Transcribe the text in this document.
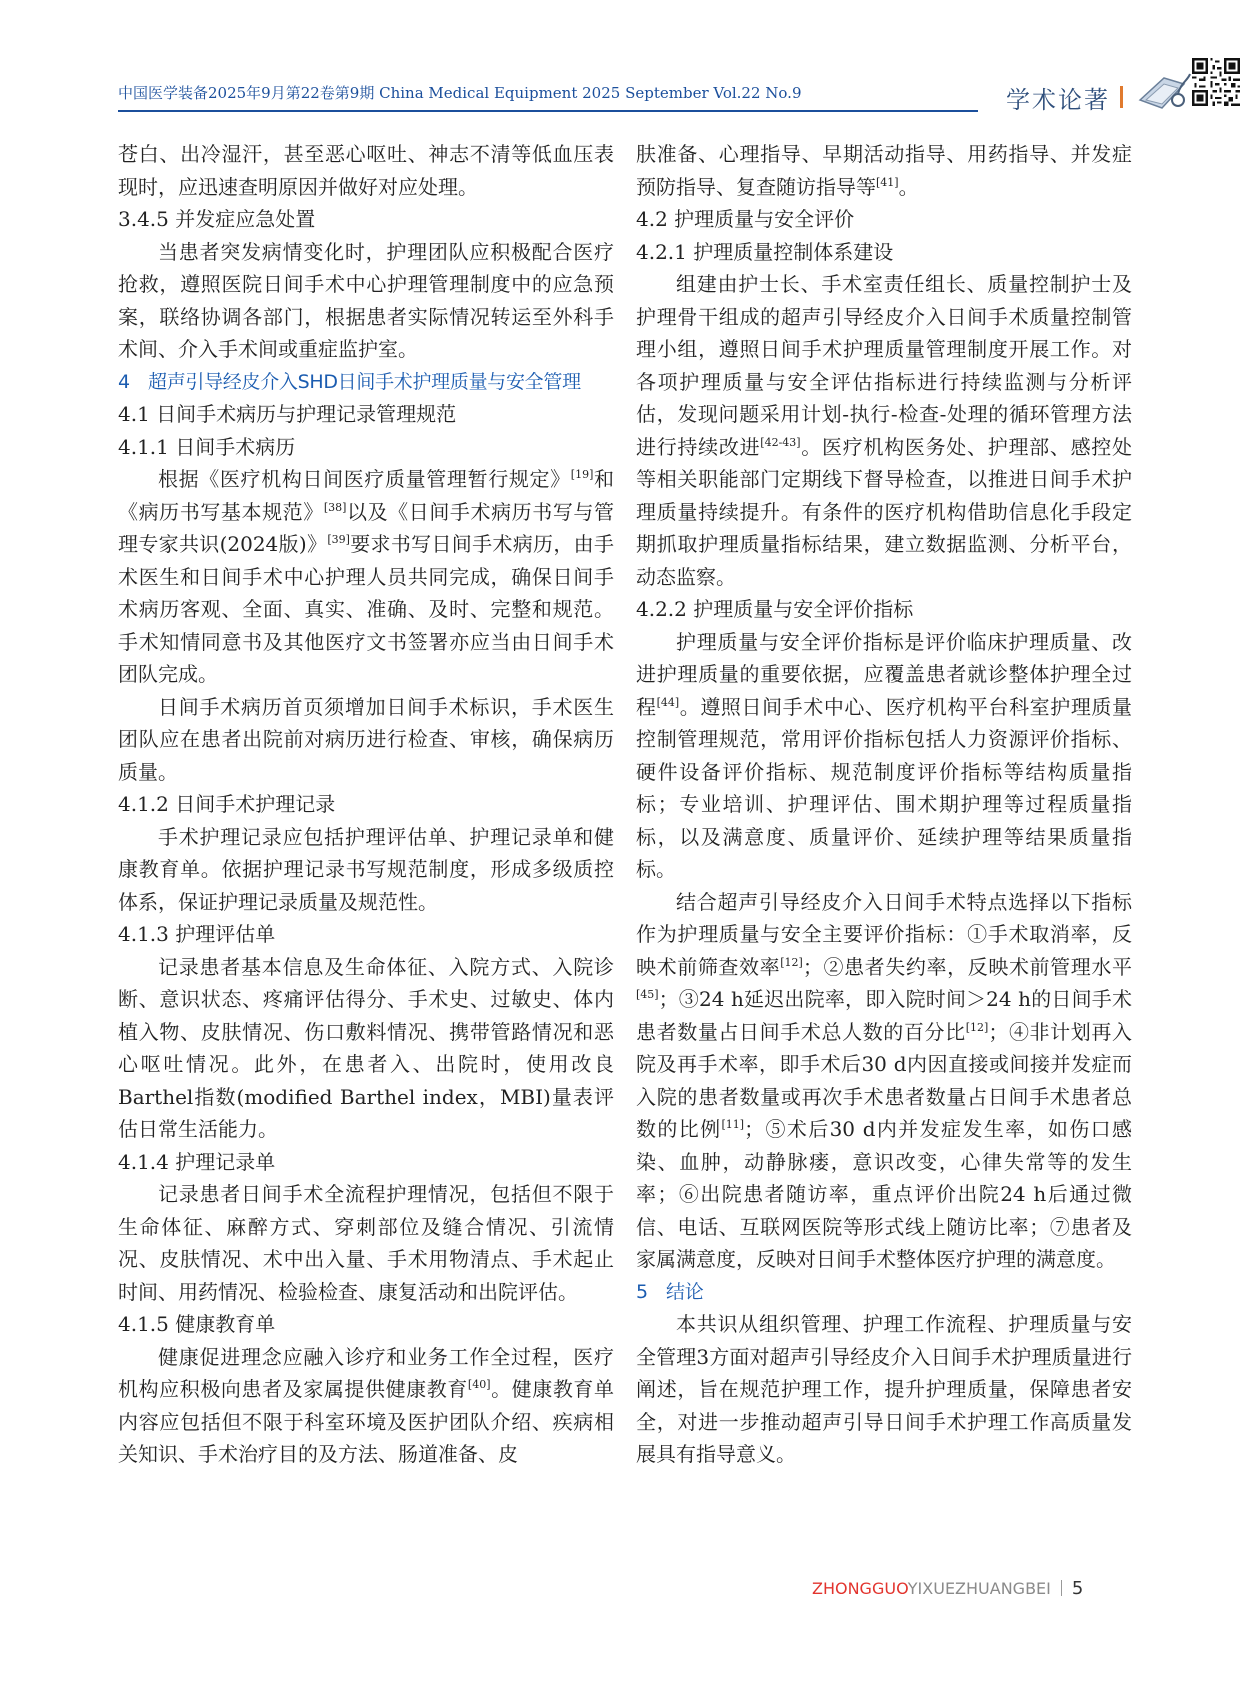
中国医学装备2025年9月第22卷第9期 China Medical Equipment 2025 September Vol.22 No.9	学术论著

苍白、出冷湿汗，甚至恶心呕吐、神志不清等低血压表现时，应迅速查明原因并做好对应处理。

3.4.5 并发症应急处置

当患者突发病情变化时，护理团队应积极配合医疗抢救，遵照医院日间手术中心护理管理制度中的应急预案，联络协调各部门，根据患者实际情况转运至外科手术间、介入手术间或重症监护室。

4 超声引导经皮介入SHD日间手术护理质量与安全管理
4.1 日间手术病历与护理记录管理规范
4.1.1 日间手术病历

根据《医疗机构日间医疗质量管理暂行规定》[19]和《病历书写基本规范》[38]以及《日间手术病历书写与管理专家共识(2024版)》[39]要求书写日间手术病历，由手术医生和日间手术中心护理人员共同完成，确保日间手术病历客观、全面、真实、准确、及时、完整和规范。手术知情同意书及其他医疗文书签署亦应当由日间手术团队完成。

日间手术病历首页须增加日间手术标识，手术医生团队应在患者出院前对病历进行检查、审核，确保病历质量。

4.1.2 日间手术护理记录

手术护理记录应包括护理评估单、护理记录单和健康教育单。依据护理记录书写规范制度，形成多级质控体系，保证护理记录质量及规范性。

4.1.3 护理评估单

记录患者基本信息及生命体征、入院方式、入院诊断、意识状态、疼痛评估得分、手术史、过敏史、体内植入物、皮肤情况、伤口敷料情况、携带管路情况和恶心呕吐情况。此外，在患者入、出院时，使用改良Barthel指数(modified Barthel index，MBI)量表评估日常生活能力。

4.1.4 护理记录单

记录患者日间手术全流程护理情况，包括但不限于生命体征、麻醉方式、穿刺部位及缝合情况、引流情况、皮肤情况、术中出入量、手术用物清点、手术起止时间、用药情况、检验检查、康复活动和出院评估。

4.1.5 健康教育单

健康促进理念应融入诊疗和业务工作全过程，医疗机构应积极向患者及家属提供健康教育[40]。健康教育单内容应包括但不限于科室环境及医护团队介绍、疾病相关知识、手术治疗目的及方法、肠道准备、皮

肤准备、心理指导、早期活动指导、用药指导、并发症预防指导、复查随访指导等[41]。

4.2 护理质量与安全评价
4.2.1 护理质量控制体系建设

组建由护士长、手术室责任组长、质量控制护士及护理骨干组成的超声引导经皮介入日间手术质量控制管理小组，遵照日间手术护理质量管理制度开展工作。对各项护理质量与安全评估指标进行持续监测与分析评估，发现问题采用计划-执行-检查-处理的循环管理方法进行持续改进[42-43]。医疗机构医务处、护理部、感控处等相关职能部门定期线下督导检查，以推进日间手术护理质量持续提升。有条件的医疗机构借助信息化手段定期抓取护理质量指标结果，建立数据监测、分析平台，动态监察。

4.2.2 护理质量与安全评价指标

护理质量与安全评价指标是评价临床护理质量、改进护理质量的重要依据，应覆盖患者就诊整体护理全过程[44]。遵照日间手术中心、医疗机构平台科室护理质量控制管理规范，常用评价指标包括人力资源评价指标、硬件设备评价指标、规范制度评价指标等结构质量指标；专业培训、护理评估、围术期护理等过程质量指标，以及满意度、质量评价、延续护理等结果质量指标。

结合超声引导经皮介入日间手术特点选择以下指标作为护理质量与安全主要评价指标：①手术取消率，反映术前筛查效率[12]；②患者失约率，反映术前管理水平[45]；③24 h延迟出院率，即入院时间＞24 h的日间手术患者数量占日间手术总人数的百分比[12]；④非计划再入院及再手术率，即手术后30 d内因直接或间接并发症而入院的患者数量或再次手术患者数量占日间手术患者总数的比例[11]；⑤术后30 d内并发症发生率，如伤口感染、血肿，动静脉瘘，意识改变，心律失常等的发生率；⑥出院患者随访率，重点评价出院24 h后通过微信、电话、互联网医院等形式线上随访比率；⑦患者及家属满意度，反映对日间手术整体医疗护理的满意度。

5 结论

本共识从组织管理、护理工作流程、护理质量与安全管理3方面对超声引导经皮介入日间手术护理质量进行阐述，旨在规范护理工作，提升护理质量，保障患者安全，对进一步推动超声引导日间手术护理工作高质量发展具有指导意义。

ZHONGGUOYIXUEZHUANGBEI 5
